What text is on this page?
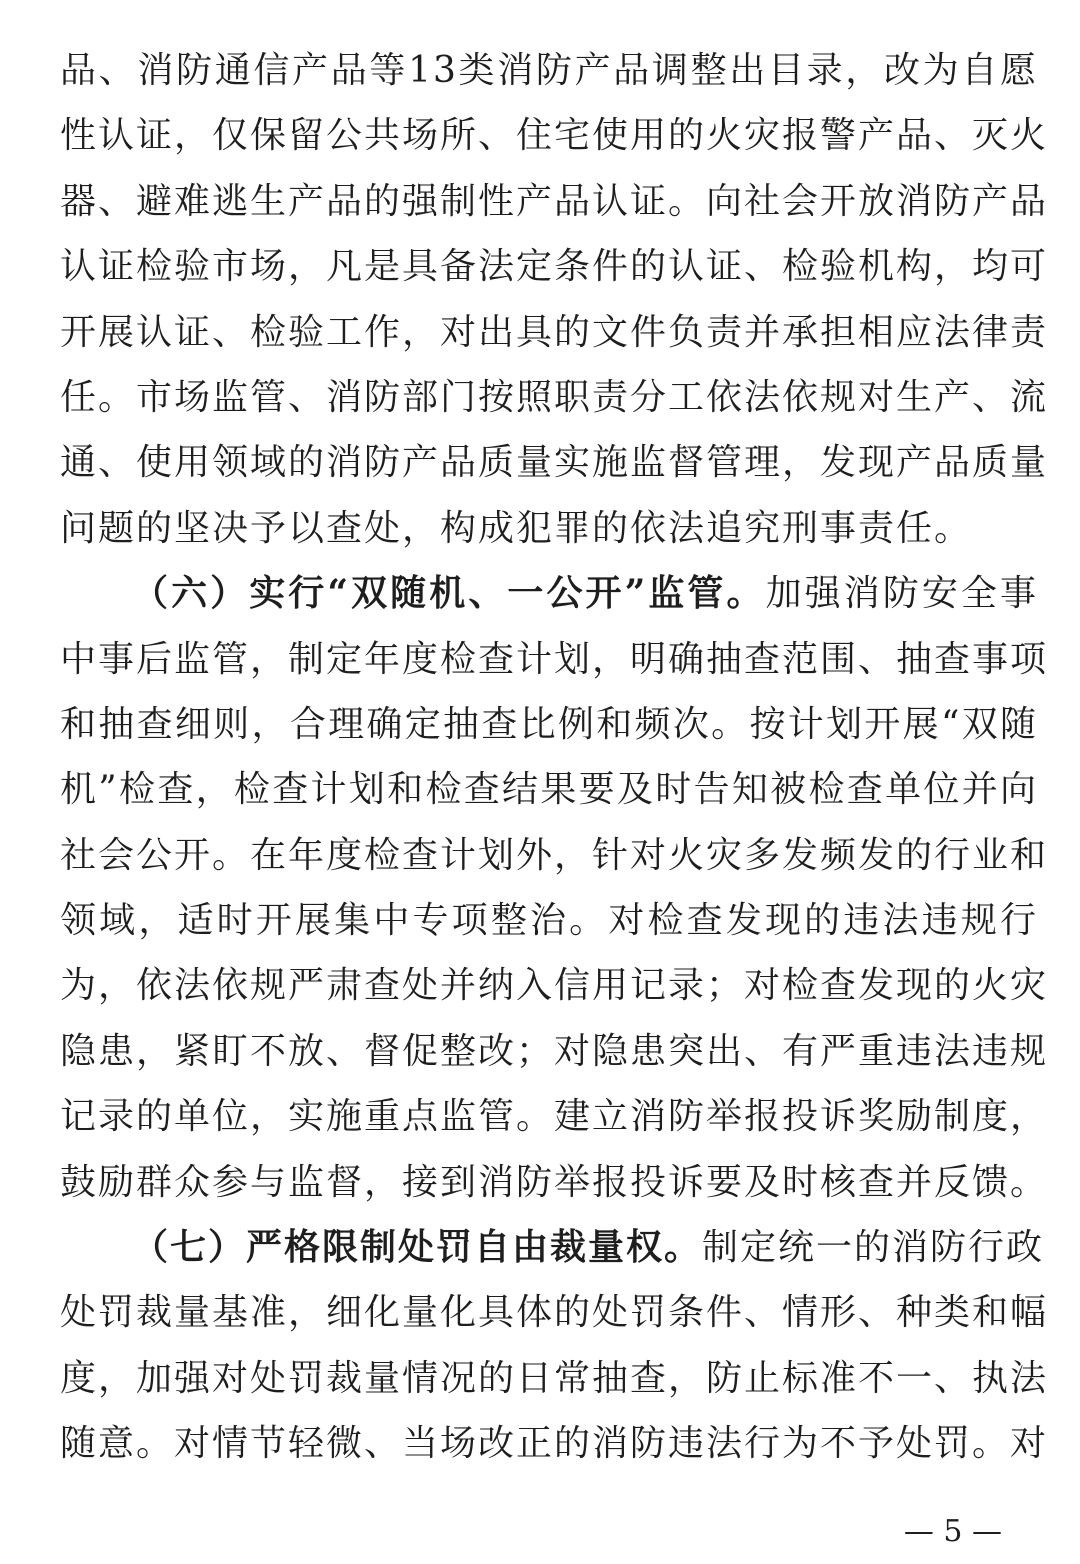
品、消防通信产品等13类消防产品调整出目录，改为自愿
性认证，仅保留公共场所、住宅使用的火灾报警产品、灭火
器、避难逃生产品的强制性产品认证。向社会开放消防产品
认证检验市场，凡是具备法定条件的认证、检验机构，均可
开展认证、检验工作，对出具的文件负责并承担相应法律责
任。市场监管、消防部门按照职责分工依法依规对生产、流
通、使用领域的消防产品质量实施监督管理，发现产品质量
问题的坚决予以查处，构成犯罪的依法追究刑事责任。
（六）实行“双随机、一公开”监管。加强消防安全事
中事后监管，制定年度检查计划，明确抽查范围、抽查事项
和抽查细则，合理确定抽查比例和频次。按计划开展“双随
机”检查，检查计划和检查结果要及时告知被检查单位并向
社会公开。在年度检查计划外，针对火灾多发频发的行业和
领域，适时开展集中专项整治。对检查发现的违法违规行
为，依法依规严肃查处并纳入信用记录；对检查发现的火灾
隐患，紧盯不放、督促整改；对隐患突出、有严重违法违规
记录的单位，实施重点监管。建立消防举报投诉奖励制度，
鼓励群众参与监督，接到消防举报投诉要及时核查并反馈。
（七）严格限制处罚自由裁量权。制定统一的消防行政
处罚裁量基准，细化量化具体的处罚条件、情形、种类和幅
度，加强对处罚裁量情况的日常抽查，防止标准不一、执法
随意。对情节轻微、当场改正的消防违法行为不予处罚。对
— 5 —
